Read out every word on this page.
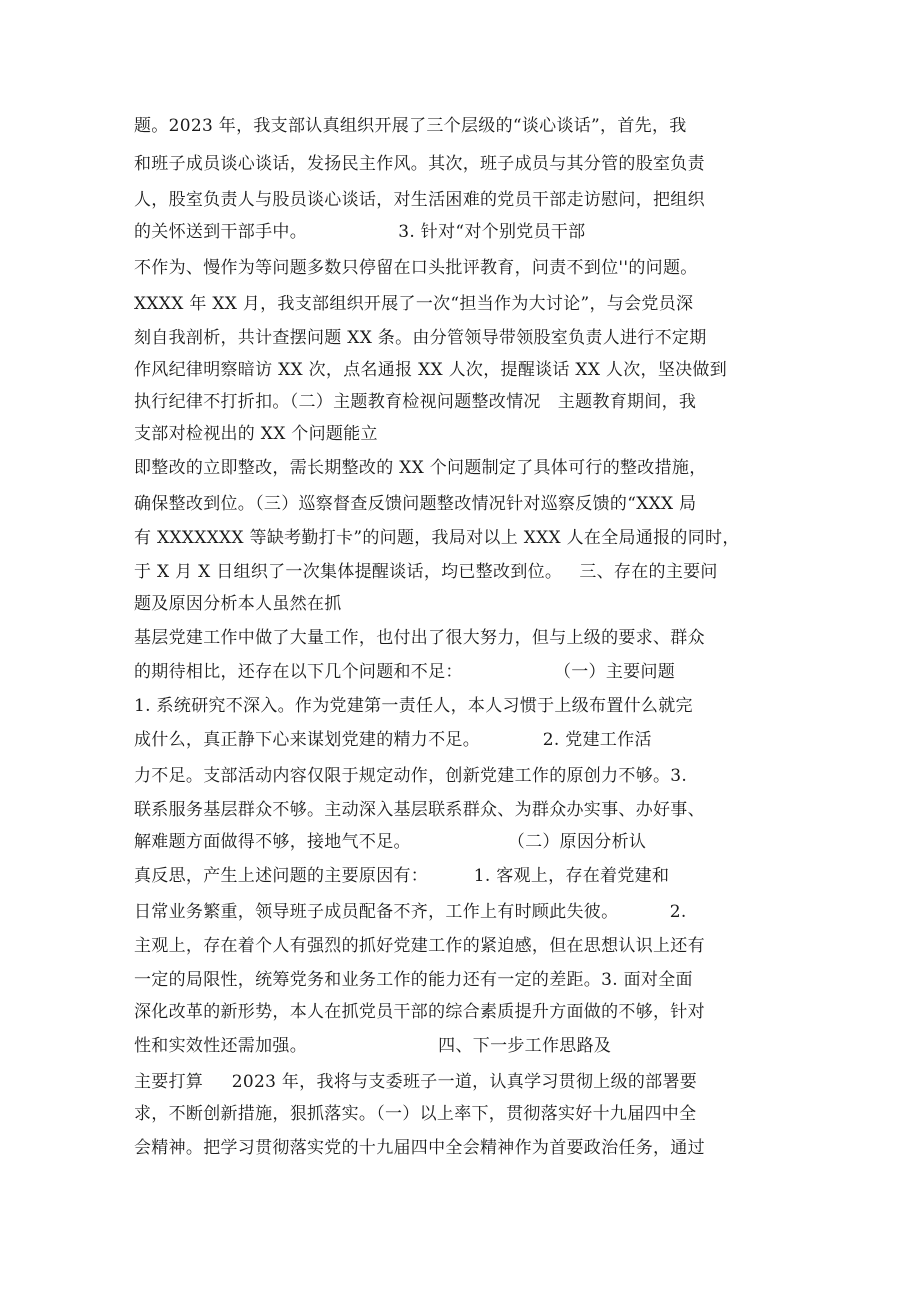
题。2023 年，我支部认真组织开展了三个层级的“谈心谈话”，首先，我
和班子成员谈心谈话，发扬民主作风。其次，班子成员与其分管的股室负责
人，股室负责人与股员谈心谈话，对生活困难的党员干部走访慰问，把组织
的关怀送到干部手中。                3. 针对“对个别党员干部
不作为、慢作为等问题多数只停留在口头批评教育，问责不到位''的问题。
XXXX 年 XX 月，我支部组织开展了一次“担当作为大讨论”，与会党员深
刻自我剖析，共计查摆问题 XX 条。由分管领导带领股室负责人进行不定期
作风纪律明察暗访 XX 次，点名通报 XX 人次，提醒谈话 XX 人次，坚决做到
执行纪律不打折扣。（二）主题教育检视问题整改情况   主题教育期间，我
支部对检视出的 XX 个问题能立
即整改的立即整改，需长期整改的 XX 个问题制定了具体可行的整改措施，
确保整改到位。（三）巡察督查反馈问题整改情况针对巡察反馈的“XXX 局
有 XXXXXXX 等缺考勤打卡”的问题，我局对以上 XXX 人在全局通报的同时，
于 X 月 X 日组织了一次集体提醒谈话，均已整改到位。   三、存在的主要问
题及原因分析本人虽然在抓
基层党建工作中做了大量工作，也付出了很大努力，但与上级的要求、群众
的期待相比，还存在以下几个问题和不足：                （一）主要问题
1. 系统研究不深入。作为党建第一责任人，本人习惯于上级布置什么就完
成什么，真正静下心来谋划党建的精力不足。           2. 党建工作活
力不足。支部活动内容仅限于规定动作，创新党建工作的原创力不够。3.
联系服务基层群众不够。主动深入基层联系群众、为群众办实事、办好事、
解难题方面做得不够，接地气不足。                 （二）原因分析认
真反思，产生上述问题的主要原因有：        1. 客观上，存在着党建和
日常业务繁重，领导班子成员配备不齐，工作上有时顾此失彼。         2.
主观上，存在着个人有强烈的抓好党建工作的紧迫感，但在思想认识上还有
一定的局限性，统筹党务和业务工作的能力还有一定的差距。3. 面对全面
深化改革的新形势，本人在抓党员干部的综合素质提升方面做的不够，针对
性和实效性还需加强。                       四、下一步工作思路及
主要打算     2023 年，我将与支委班子一道，认真学习贯彻上级的部署要
求，不断创新措施，狠抓落实。（一）以上率下，贯彻落实好十九届四中全
会精神。把学习贯彻落实党的十九届四中全会精神作为首要政治任务，通过
